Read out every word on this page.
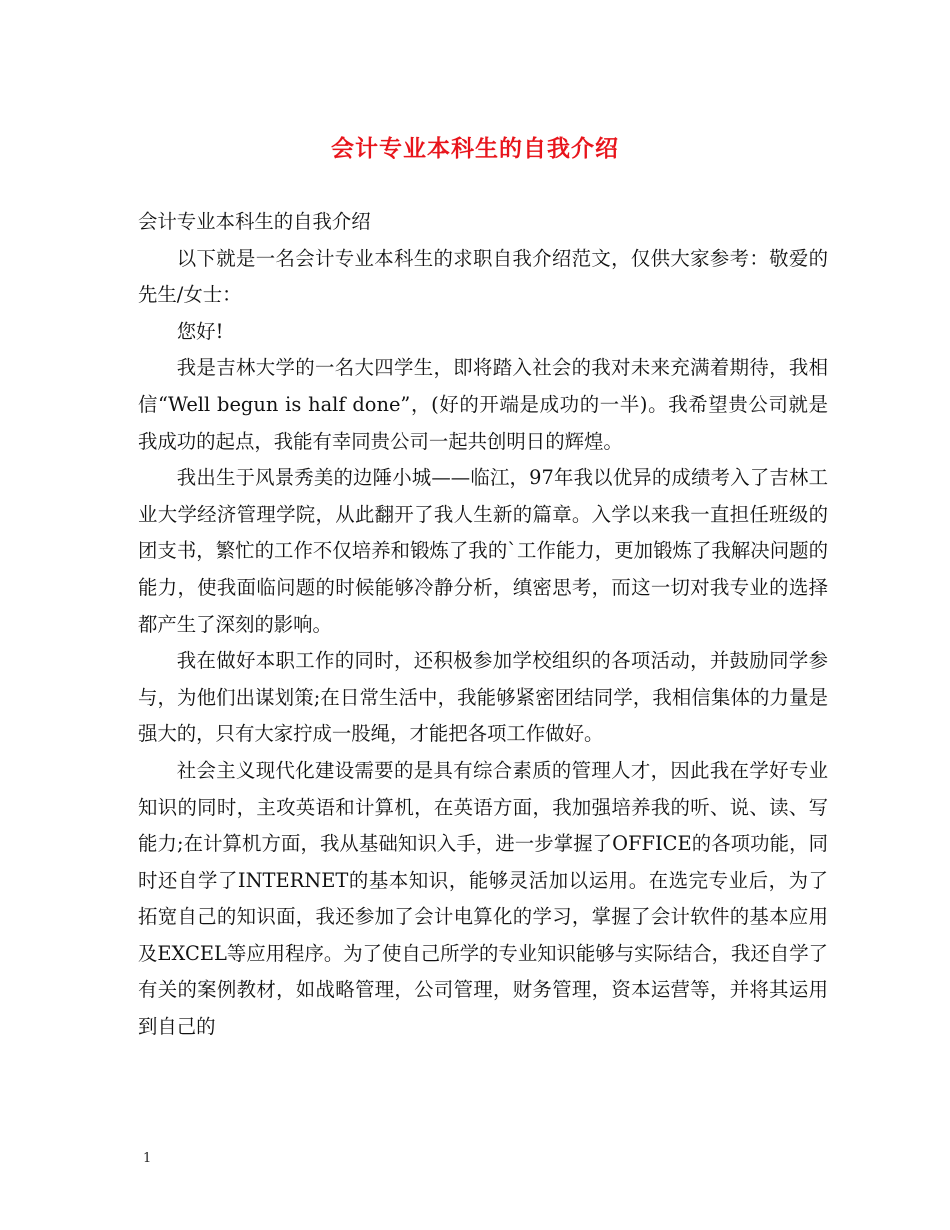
会计专业本科生的自我介绍

会计专业本科生的自我介绍

以下就是一名会计专业本科生的求职自我介绍范文，仅供大家参考：敬爱的先生/女士：

您好!

我是吉林大学的一名大四学生，即将踏入社会的我对未来充满着期待，我相信“Well begun is half done”，(好的开端是成功的一半)。我希望贵公司就是我成功的起点，我能有幸同贵公司一起共创明日的辉煌。

我出生于风景秀美的边陲小城——临江，97年我以优异的成绩考入了吉林工业大学经济管理学院，从此翻开了我人生新的篇章。入学以来我一直担任班级的团支书，繁忙的工作不仅培养和锻炼了我的`工作能力，更加锻炼了我解决问题的能力，使我面临问题的时候能够冷静分析，缜密思考，而这一切对我专业的选择都产生了深刻的影响。

我在做好本职工作的同时，还积极参加学校组织的各项活动，并鼓励同学参与，为他们出谋划策;在日常生活中，我能够紧密团结同学，我相信集体的力量是强大的，只有大家拧成一股绳，才能把各项工作做好。

社会主义现代化建设需要的是具有综合素质的管理人才，因此我在学好专业知识的同时，主攻英语和计算机，在英语方面，我加强培养我的听、说、读、写能力;在计算机方面，我从基础知识入手，进一步掌握了OFFICE的各项功能，同时还自学了INTERNET的基本知识，能够灵活加以运用。在选完专业后，为了拓宽自己的知识面，我还参加了会计电算化的学习，掌握了会计软件的基本应用及EXCEL等应用程序。为了使自己所学的专业知识能够与实际结合，我还自学了有关的案例教材，如战略管理，公司管理，财务管理，资本运营等，并将其运用到自己的

1
